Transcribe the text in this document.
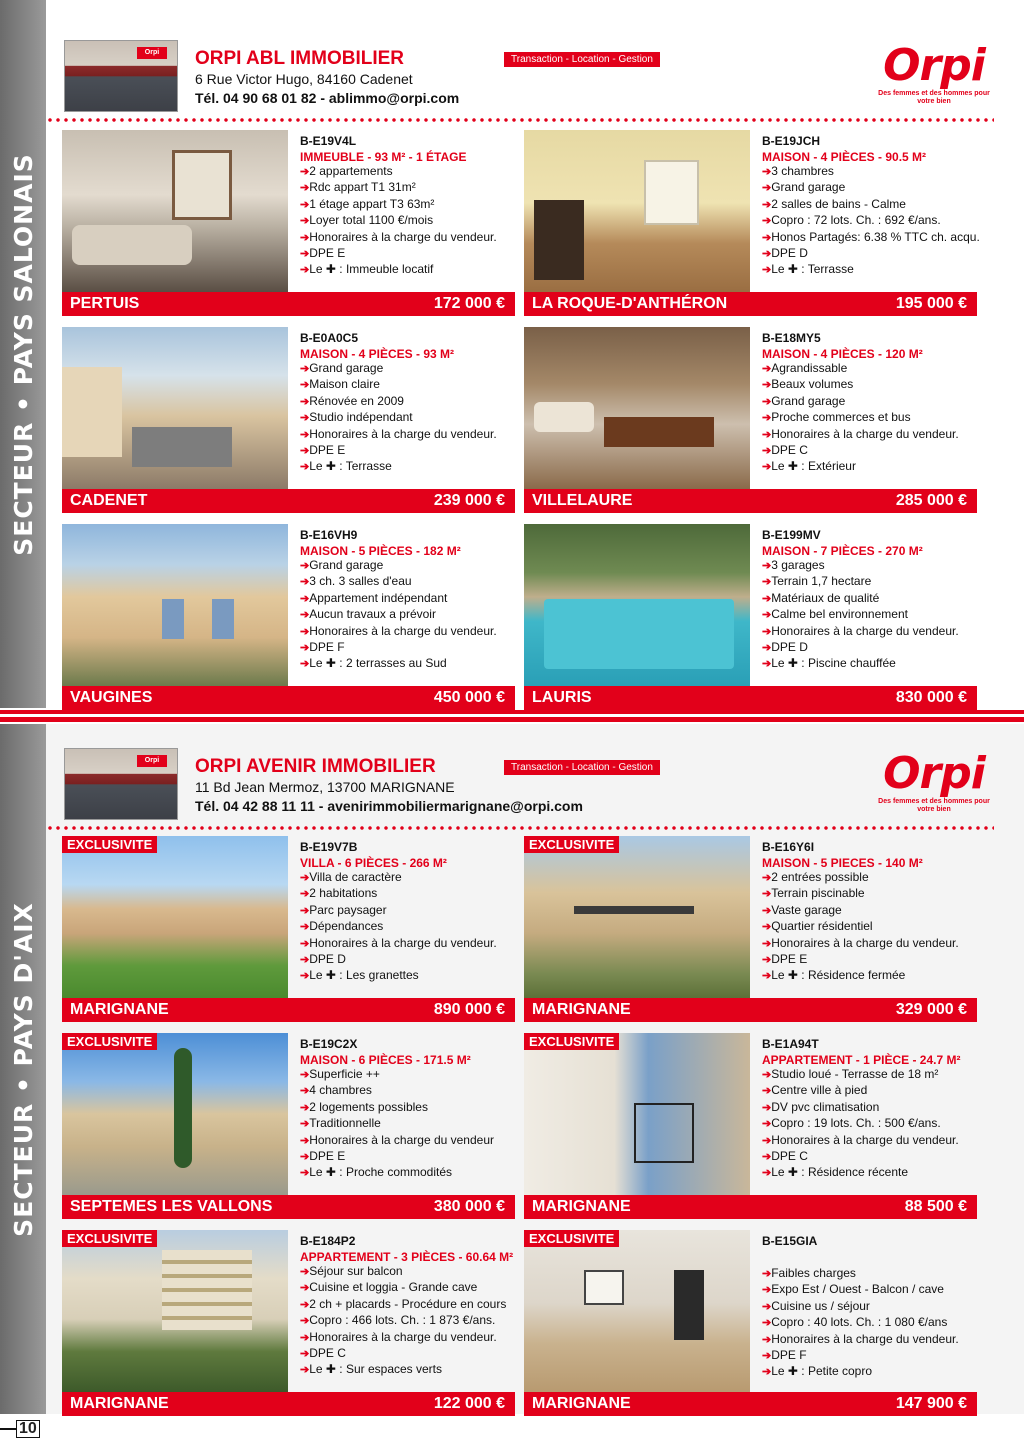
SECTEUR • PAYS SALONAIS
SECTEUR • PAYS D'AIX
Orpi	ORPI ABL IMMOBILIER
6 Rue Victor Hugo, 84160 Cadenet
Tél. 04 90 68 01 82 - ablimmo@orpi.com
Transaction - Location - Gestion	Orpi
Des femmes et des hommes pour votre bien
B-E19V4L
IMMEUBLE - 93 M² - 1 ÉTAGE
➔ 2 appartements
➔ Rdc appart T1 31m²
➔ 1 étage appart T3 63m²
➔ Loyer total 1100 €/mois
➔ Honoraires à la charge du vendeur.
➔ DPE E
➔ Le ✚ : Immeuble locatif
PERTUIS	172 000 €
B-E19JCH
MAISON - 4 PIÈCES - 90.5 M²
➔ 3 chambres
➔ Grand garage
➔ 2 salles de bains - Calme
➔ Copro : 72 lots. Ch. : 692 €/ans.
➔ Honos Partagés: 6.38 % TTC ch. acqu.
➔ DPE D
➔ Le ✚ : Terrasse
LA ROQUE-D'ANTHÉRON	195 000 €
B-E0A0C5
MAISON - 4 PIÈCES - 93 M²
➔ Grand garage
➔ Maison claire
➔ Rénovée en 2009
➔ Studio indépendant
➔ Honoraires à la charge du vendeur.
➔ DPE E
➔ Le ✚ : Terrasse
CADENET	239 000 €
B-E18MY5
MAISON - 4 PIÈCES - 120 M²
➔ Agrandissable
➔ Beaux volumes
➔ Grand garage
➔ Proche commerces et bus
➔ Honoraires à la charge du vendeur.
➔ DPE C
➔ Le ✚ : Extérieur
VILLELAURE	285 000 €
B-E16VH9
MAISON - 5 PIÈCES - 182 M²
➔ Grand garage
➔ 3 ch. 3 salles d'eau
➔ Appartement indépendant
➔ Aucun travaux a prévoir
➔ Honoraires à la charge du vendeur.
➔ DPE F
➔ Le ✚ : 2 terrasses au Sud
VAUGINES	450 000 €
B-E199MV
MAISON - 7 PIÈCES - 270 M²
➔ 3 garages
➔ Terrain 1,7 hectare
➔ Matériaux de qualité
➔ Calme bel environnement
➔ Honoraires à la charge du vendeur.
➔ DPE D
➔ Le ✚ : Piscine chauffée
LAURIS	830 000 €
Orpi	ORPI AVENIR IMMOBILIER
11 Bd Jean Mermoz, 13700 MARIGNANE
Tél. 04 42 88 11 11 - avenirimmobiliermarignane@orpi.com
Transaction - Location - Gestion	Orpi
Des femmes et des hommes pour votre bien
EXCLUSIVITE	B-E19V7B
VILLA - 6 PIÈCES - 266 M²
➔ Villa de caractère
➔ 2 habitations
➔ Parc paysager
➔ Dépendances
➔ Honoraires à la charge du vendeur.
➔ DPE D
➔ Le ✚ : Les granettes
MARIGNANE	890 000 €
EXCLUSIVITE	B-E16Y6I
MAISON - 5 PIECES - 140 M²
➔ 2 entrées possible
➔ Terrain piscinable
➔ Vaste garage
➔ Quartier résidentiel
➔ Honoraires à la charge du vendeur.
➔ DPE E
➔ Le ✚ : Résidence fermée
MARIGNANE	329 000 €
EXCLUSIVITE	B-E19C2X
MAISON - 6 PIÈCES - 171.5 M²
➔ Superficie ++
➔ 4 chambres
➔ 2 logements possibles
➔ Traditionnelle
➔ Honoraires à la charge du vendeur
➔ DPE E
➔ Le ✚ : Proche commodités
SEPTEMES LES VALLONS	380 000 €
EXCLUSIVITE	B-E1A94T
APPARTEMENT - 1 PIÈCE - 24.7 M²
➔ Studio loué - Terrasse de 18 m²
➔ Centre ville à pied
➔ DV pvc climatisation
➔ Copro : 19 lots. Ch. : 500 €/ans.
➔ Honoraires à la charge du vendeur.
➔ DPE C
➔ Le ✚ : Résidence récente
MARIGNANE	88 500 €
EXCLUSIVITE	B-E184P2
APPARTEMENT - 3 PIÈCES - 60.64 M²
➔ Séjour sur balcon
➔ Cuisine et loggia - Grande cave
➔ 2 ch + placards - Procédure en cours
➔ Copro : 466 lots. Ch. : 1 873 €/ans.
➔ Honoraires à la charge du vendeur.
➔ DPE C
➔ Le ✚ : Sur espaces verts
MARIGNANE	122 000 €
EXCLUSIVITE	B-E15GIA
➔ Faibles charges
➔ Expo Est / Ouest - Balcon / cave
➔ Cuisine us / séjour
➔ Copro : 40 lots. Ch. : 1 080 €/ans
➔ Honoraires à la charge du vendeur.
➔ DPE F
➔ Le ✚ : Petite copro
MARIGNANE	147 900 €
10
